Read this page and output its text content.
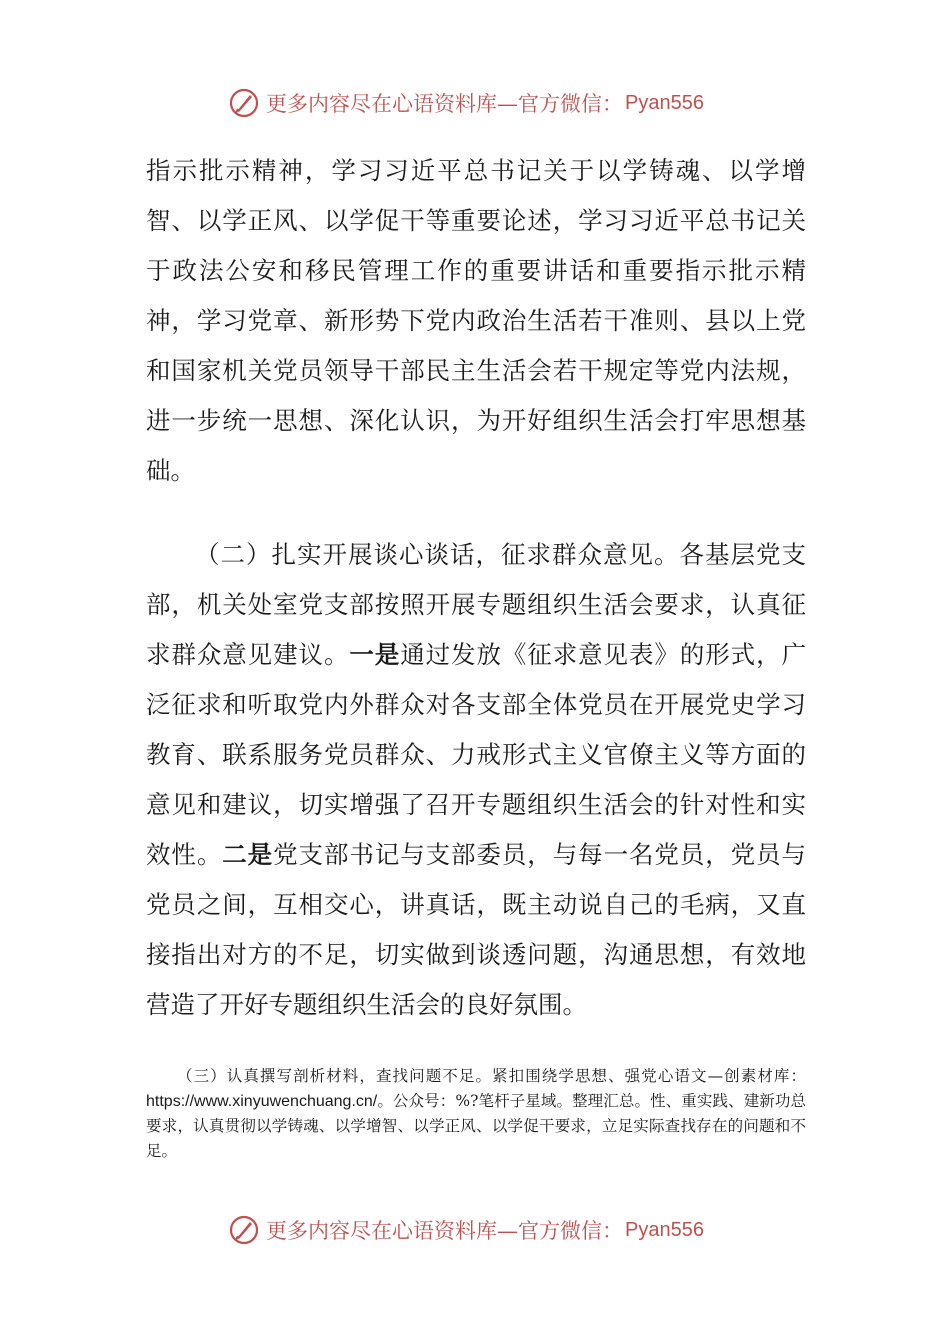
更多内容尽在心语资料库—官方微信： Pyan556

指示批示精神，学习习近平总书记关于以学铸魂、以学增智、以学正风、以学促干等重要论述，学习习近平总书记关于政法公安和移民管理工作的重要讲话和重要指示批示精神，学习党章、新形势下党内政治生活若干准则、县以上党和国家机关党员领导干部民主生活会若干规定等党内法规，进一步统一思想、深化认识，为开好组织生活会打牢思想基础。

（二）扎实开展谈心谈话，征求群众意见。各基层党支部，机关处室党支部按照开展专题组织生活会要求，认真征求群众意见建议。一是通过发放《征求意见表》的形式，广泛征求和听取党内外群众对各支部全体党员在开展党史学习教育、联系服务党员群众、力戒形式主义官僚主义等方面的意见和建议，切实增强了召开专题组织生活会的针对性和实效性。二是党支部书记与支部委员，与每一名党员，党员与党员之间，互相交心，讲真话，既主动说自己的毛病，又直接指出对方的不足，切实做到谈透问题，沟通思想，有效地营造了开好专题组织生活会的良好氛围。

（三）认真撰写剖析材料，查找问题不足。紧扣围绕学思想、强党心语文—创素材库：https://www.xinyuwenchuang.cn/。公众号：%?笔杆子星域。整理汇总。性、重实践、建新功总要求，认真贯彻以学铸魂、以学增智、以学正风、以学促干要求，立足实际查找存在的问题和不足。

更多内容尽在心语资料库—官方微信： Pyan556
